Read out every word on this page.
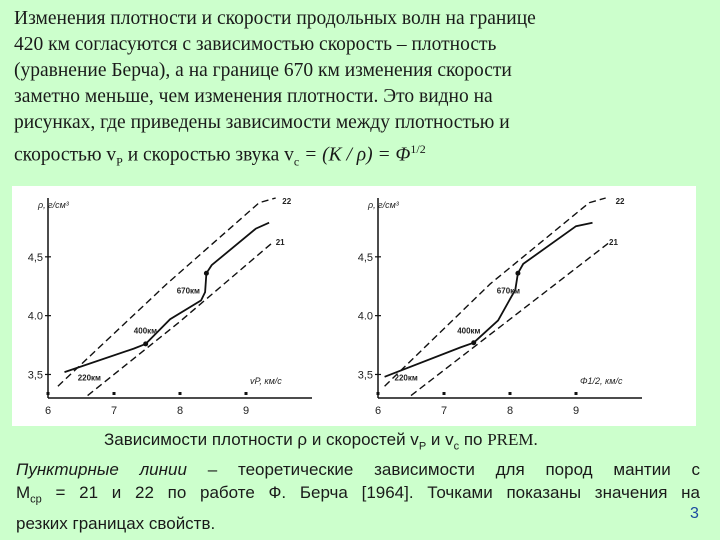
Изменения плотности и скорости продольных волн на границе
420 км согласуются с зависимостью скорость – плотность
(уравнение Берча), а на границе 670 км изменения скорости
заметно меньше, чем изменения плотности. Это видно на
рисунках, где приведены зависимости между плотностью и
скоростью $v_P$ и скоростью звука $v_c = (K / \rho) = \Phi^{1/2}$
3,5
4.0
4,5
6	7	8	9
ρ, г/см³
vP, км/с
22
21
220км
400км
670км
3,5
4.0
4,5
6	7	8	9
ρ, г/см³
Φ1/2, км/с
22
21
220км
400км
670км
Зависимости плотности ρ и скоростей $v_P$ и $v_c$ по PREM.
Пунктирные линии – теоретические зависимости для пород мантии с
$M_{ср} = 21$ и 22 по работе Ф. Берча [1964]. Точками показаны значения на
резких границах свойств.
3
